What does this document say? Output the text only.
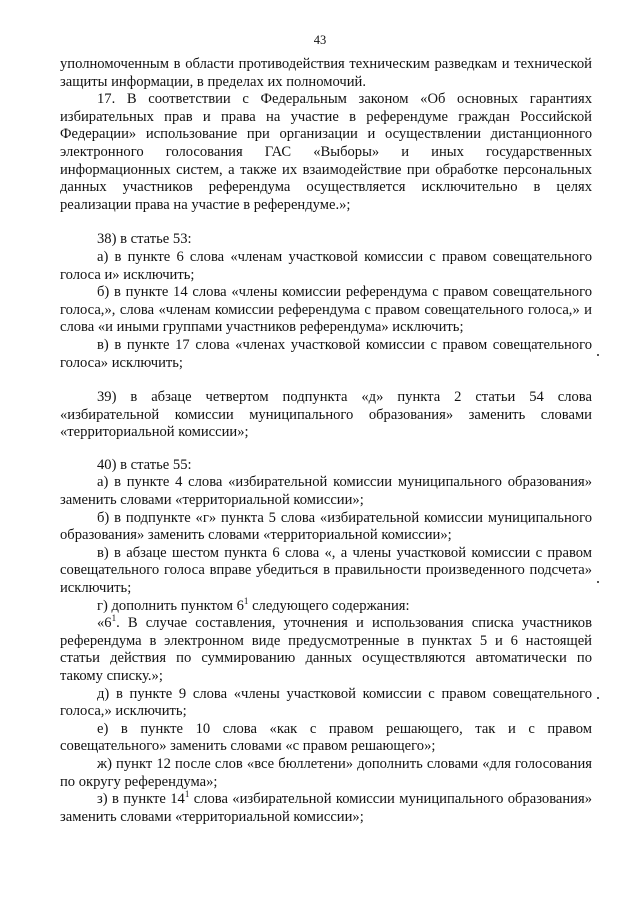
43

уполномоченным в области противодействия техническим разведкам и технической защиты информации, в пределах их полномочий.

17. В соответствии с Федеральным законом «Об основных гарантиях избирательных прав и права на участие в референдуме граждан Российской Федерации» использование при организации и осуществлении дистанционного электронного голосования ГАС «Выборы» и иных государственных информационных систем, а также их взаимодействие при обработке персональных данных участников референдума осуществляется исключительно в целях реализации права на участие в референдуме.»;

38) в статье 53:

а) в пункте 6 слова «членам участковой комиссии с правом совещательного голоса и» исключить;

б) в пункте 14 слова «члены комиссии референдума с правом совещательного голоса,», слова «членам комиссии референдума с правом совещательного голоса,» и слова «и иными группами участников референдума» исключить;

в) в пункте 17 слова «членах участковой комиссии с правом совещательного голоса» исключить;

39) в абзаце четвертом подпункта «д» пункта 2 статьи 54 слова «избирательной комиссии муниципального образования» заменить словами «территориальной комиссии»;

40) в статье 55:

а) в пункте 4 слова «избирательной комиссии муниципального образования» заменить словами «территориальной комиссии»;

б) в подпункте «г» пункта 5 слова «избирательной комиссии муниципального образования» заменить словами «территориальной комиссии»;

в) в абзаце шестом пункта 6 слова «, а члены участковой комиссии с правом совещательного голоса вправе убедиться в правильности произведенного подсчета» исключить;

г) дополнить пунктом $6^1$ следующего содержания:

«$6^1$. В случае составления, уточнения и использования списка участников референдума в электронном виде предусмотренные в пунктах 5 и 6 настоящей статьи действия по суммированию данных осуществляются автоматически по такому списку.»;

д) в пункте 9 слова «члены участковой комиссии с правом совещательного голоса,» исключить;

е) в пункте 10 слова «как с правом решающего, так и с правом совещательного» заменить словами «с правом решающего»;

ж) пункт 12 после слов «все бюллетени» дополнить словами «для голосования по округу референдума»;

з) в пункте $14^1$ слова «избирательной комиссии муниципального образования» заменить словами «территориальной комиссии»;
